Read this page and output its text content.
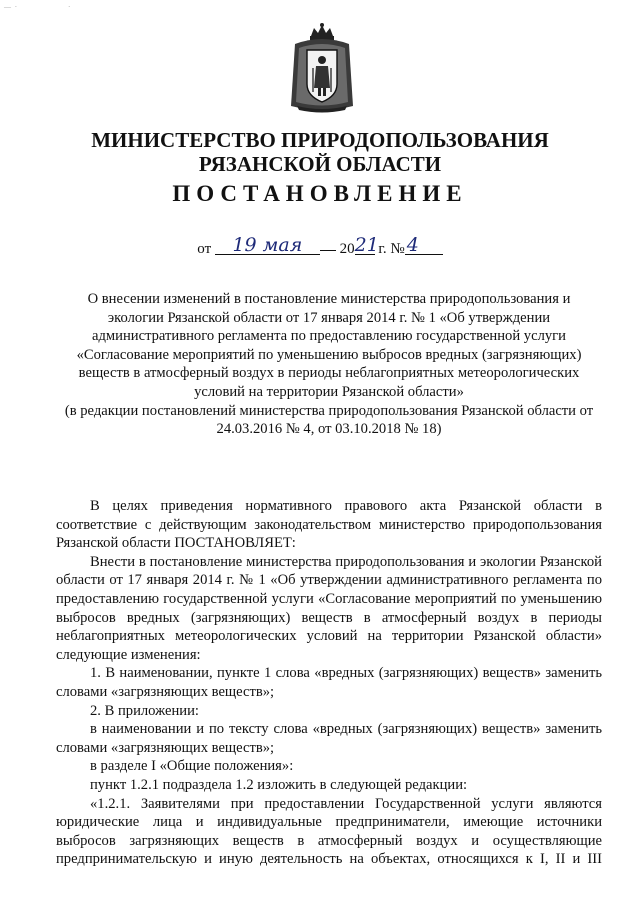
— ·	·
МИНИСТЕРСТВО ПРИРОДОПОЛЬЗОВАНИЯ
РЯЗАНСКОЙ ОБЛАСТИ
ПОСТАНОВЛЕНИЕ
от 19 мая 2021 г. № 4
О внесении изменений в постановление министерства природопользования и экологии Рязанской области от 17 января 2014 г. № 1 «Об утверждении административного регламента по предоставлению государственной услуги «Согласование мероприятий по уменьшению выбросов вредных (загрязняющих) веществ в атмосферный воздух в периоды неблагоприятных метеорологических условий на территории Рязанской области»
(в редакции постановлений министерства природопользования Рязанской области от 24.03.2016 № 4, от 03.10.2018 № 18)

В целях приведения нормативного правового акта Рязанской области в соответствие с действующим законодательством министерство природопользования Рязанской области ПОСТАНОВЛЯЕТ:

Внести в постановление министерства природопользования и экологии Рязанской области от 17 января 2014 г. № 1 «Об утверждении административного регламента по предоставлению государственной услуги «Согласование мероприятий по уменьшению выбросов вредных (загрязняющих) веществ в атмосферный воздух в периоды неблагоприятных метеорологических условий на территории Рязанской области» следующие изменения:

1. В наименовании, пункте 1 слова «вредных (загрязняющих) веществ» заменить словами «загрязняющих веществ»;

2. В приложении:

в наименовании и по тексту слова «вредных (загрязняющих) веществ» заменить словами «загрязняющих веществ»;

в разделе I «Общие положения»:

пункт 1.2.1 подраздела 1.2 изложить в следующей редакции:

«1.2.1. Заявителями при предоставлении Государственной услуги являются юридические лица и индивидуальные предприниматели, имеющие источники выбросов загрязняющих веществ в атмосферный воздух и осуществляющие предпринимательскую и иную деятельность на объектах, относящихся к I, II и III
